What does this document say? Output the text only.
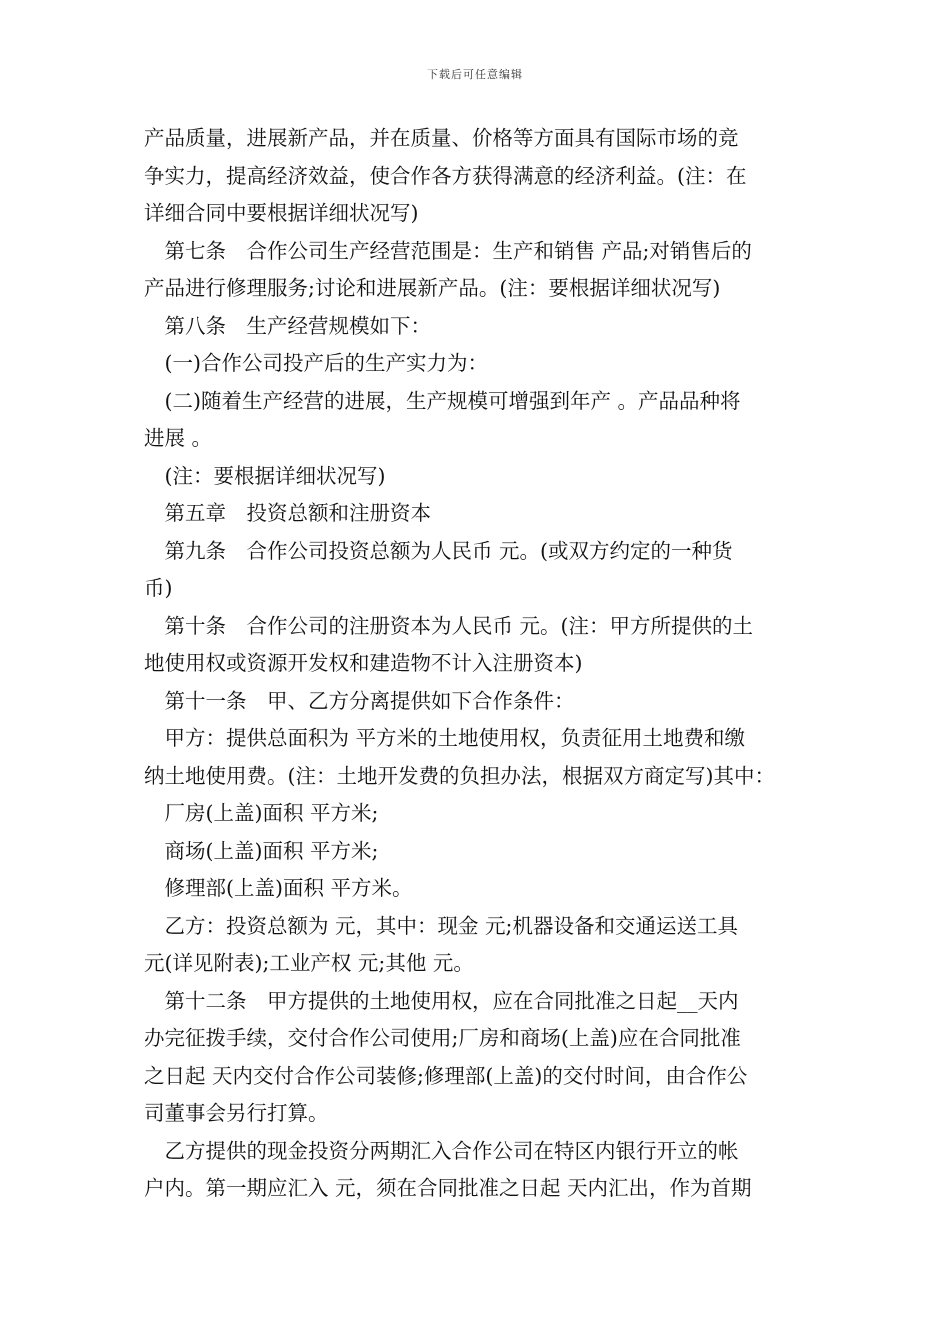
下载后可任意编辑
产品质量，进展新产品，并在质量、价格等方面具有国际市场的竞
争实力，提高经济效益，使合作各方获得满意的经济利益。(注：在
详细合同中要根据详细状况写)
　第七条　合作公司生产经营范围是：生产和销售 产品;对销售后的
产品进行修理服务;讨论和进展新产品。(注：要根据详细状况写)
　第八条　生产经营规模如下：
　(一)合作公司投产后的生产实力为：
　(二)随着生产经营的进展，生产规模可增强到年产 。产品品种将
进展 。
　(注：要根据详细状况写)
　第五章　投资总额和注册资本
　第九条　合作公司投资总额为人民币 元。(或双方约定的一种货
币)
　第十条　合作公司的注册资本为人民币 元。(注：甲方所提供的土
地使用权或资源开发权和建造物不计入注册资本)
　第十一条　甲、乙方分离提供如下合作条件：
　甲方：提供总面积为 平方米的土地使用权，负责征用土地费和缴
纳土地使用费。(注：土地开发费的负担办法，根据双方商定写)其中：
　厂房(上盖)面积 平方米;
　商场(上盖)面积 平方米;
　修理部(上盖)面积 平方米。
　乙方：投资总额为 元，其中：现金 元;机器设备和交通运送工具
元(详见附表);工业产权 元;其他 元。
　第十二条　甲方提供的土地使用权，应在合同批准之日起__天内
办完征拨手续，交付合作公司使用;厂房和商场(上盖)应在合同批准
之日起 天内交付合作公司装修;修理部(上盖)的交付时间，由合作公
司董事会另行打算。
　乙方提供的现金投资分两期汇入合作公司在特区内银行开立的帐
户内。第一期应汇入 元，须在合同批准之日起 天内汇出，作为首期
